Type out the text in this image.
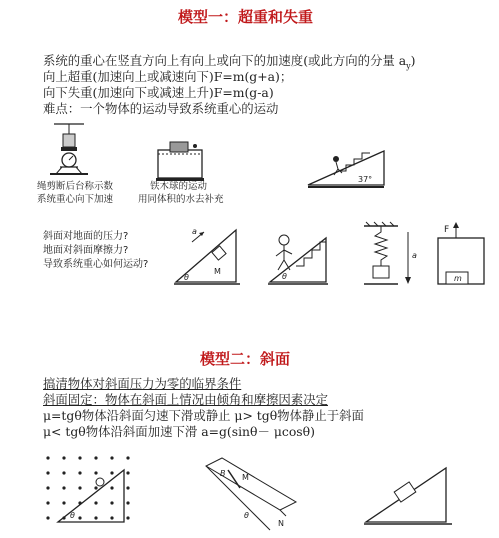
模型一：超重和失重
系统的重心在竖直方向上有向上或向下的加速度(或此方向的分量 $a_y$)
向上超重(加速向上或减速向下)F=m(g+a)；
向下失重(加速向下或减速上升)F=m(g-a)
难点：一个物体的运动导致系统重心的运动
绳剪断后台称示数
系统重心向下加速
铁木球的运动
用同体积的水去补充
37°
斜面对地面的压力?
地面对斜面摩擦力?
导致系统重心如何运动?
a
M
θ	θ
a
F
m
模型二：斜面
搞清物体对斜面压力为零的临界条件
斜面固定：物体在斜面上情况由倾角和摩擦因素决定
μ=tgθ物体沿斜面匀速下滑或静止 μ> tgθ物体静止于斜面
μ< tgθ物体沿斜面加速下滑 a=g(sinθ－ μcosθ)
θ
B M
N
θ
